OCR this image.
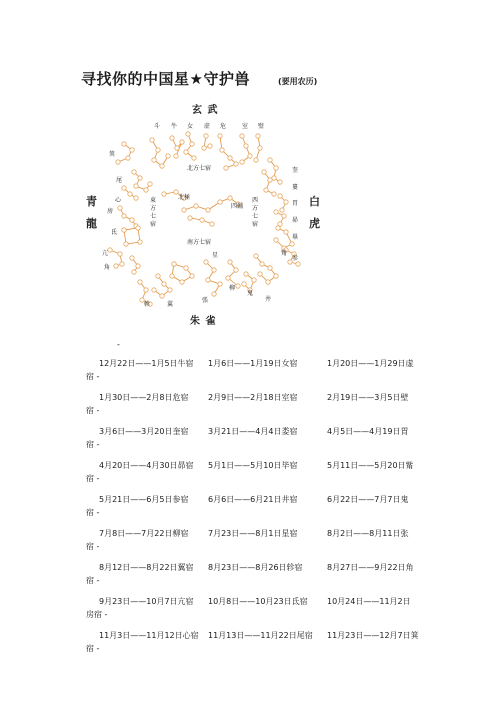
寻找你的中国星★守护兽	(要用农历)
玄 武
青
龍
白
虎
朱 雀
北方七宿
南方七宿
東
方
七
宿
西
方
七
宿
北極
四輔
斗 牛 女 虚 危	室 壁
箕
尾
心
房
氐
亢
角
奎
婁
胃
昴
畢
觜
参
軫	翼
張
星
柳
鬼
井
-
12月22日——1月5日牛宿 1月6日——1月19日女宿	1月20日——1月29日虚
宿 -
1月30日——2月8日危宿 2月9日——2月18日室宿	2月19日——3月5日壁
宿 -
3月6日——3月20日奎宿 3月21日——4月4日娄宿	4月5日——4月19日胃
宿 -
4月20日——4月30日昴宿 5月1日——5月10日毕宿	5月11日——5月20日觜
宿 -
5月21日——6月5日参宿 6月6日——6月21日井宿	6月22日——7月7日鬼
宿 -
7月8日——7月22日柳宿 7月23日——8月1日星宿	8月2日——8月11日张
宿 -
8月12日——8月22日翼宿 8月23日——8月26日轸宿	8月27日——9月22日角
宿 -
9月23日——10月7日亢宿 10月8日——10月23日氐宿 10月24日——11月2日
房宿 -
11月3日——11月12日心宿 11月13日——11月22日尾宿 11月23日——12月7日箕
宿 -
